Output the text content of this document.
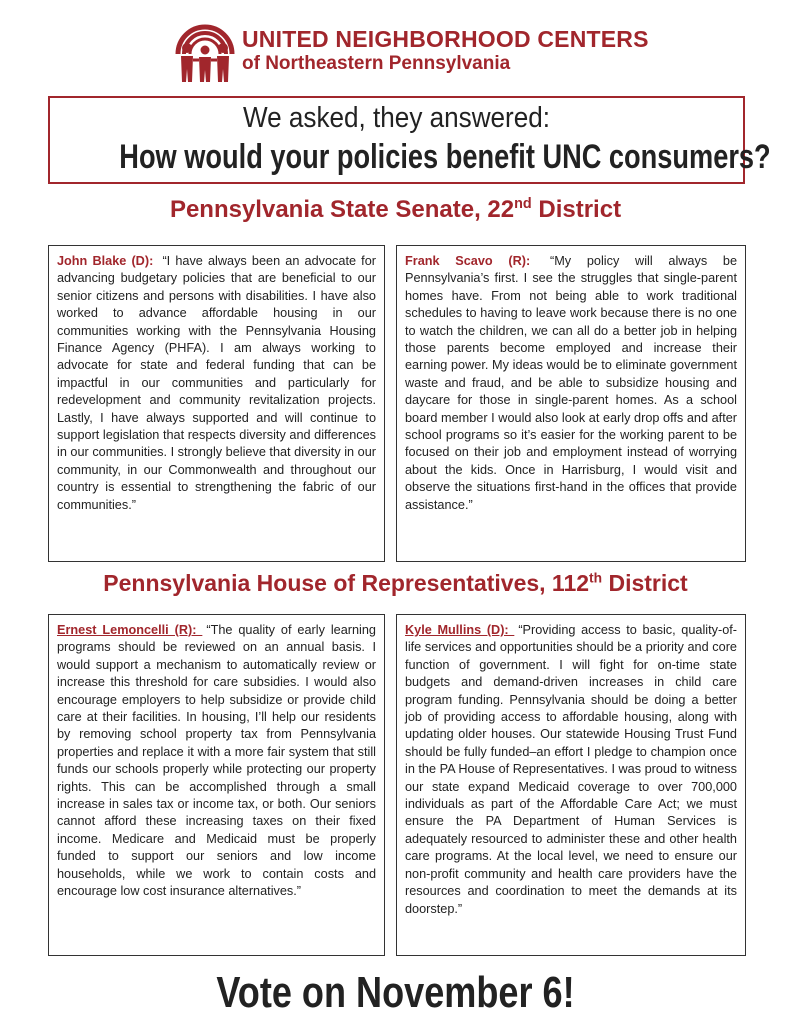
UNITED NEIGHBORHOOD CENTERS
of Northeastern Pennsylvania
We asked, they answered:
How would your policies benefit UNC consumers?
Pennsylvania State Senate, 22nd District

John Blake (D): “I have always been an advocate for advancing budgetary policies that are beneficial to our senior citizens and persons with disabilities. I have also worked to advance affordable housing in our communities working with the Pennsylvania Housing Finance Agency (PHFA). I am always working to advocate for state and federal funding that can be impactful in our communities and particularly for redevelopment and community revitalization projects. Lastly, I have always supported and will continue to support legislation that respects diversity and differences in our communities. I strongly believe that diversity in our community, in our Commonwealth and throughout our country is essential to strengthening the fabric of our communities.”

Frank Scavo (R): “My policy will always be Pennsylvania’s first. I see the struggles that single-parent homes have. From not being able to work traditional schedules to having to leave work because there is no one to watch the children, we can all do a better job in helping those parents become employed and increase their earning power. My ideas would be to eliminate government waste and fraud, and be able to subsidize housing and daycare for those in single-parent homes. As a school board member I would also look at early drop offs and after school programs so it’s easier for the working parent to be focused on their job and employment instead of worrying about the kids. Once in Harrisburg, I would visit and observe the situations first-hand in the offices that provide assistance.”

Pennsylvania House of Representatives, 112th District

Ernest Lemoncelli (R): “The quality of early learning programs should be reviewed on an annual basis. I would support a mechanism to automatically review or increase this threshold for care subsidies. I would also encourage employers to help subsidize or provide child care at their facilities. In housing, I’ll help our residents by removing school property tax from Pennsylvania properties and replace it with a more fair system that still funds our schools properly while protecting our property rights. This can be accomplished through a small increase in sales tax or income tax, or both. Our seniors cannot afford these increasing taxes on their fixed income. Medicare and Medicaid must be properly funded to support our seniors and low income households, while we work to contain costs and encourage low cost insurance alternatives.”

Kyle Mullins (D): “Providing access to basic, quality-of-life services and opportunities should be a priority and core function of government. I will fight for on-time state budgets and demand-driven increases in child care program funding. Pennsylvania should be doing a better job of providing access to affordable housing, along with updating older houses. Our statewide Housing Trust Fund should be fully funded–an effort I pledge to champion once in the PA House of Representatives. I was proud to witness our state expand Medicaid coverage to over 700,000 individuals as part of the Affordable Care Act; we must ensure the PA Department of Human Services is adequately resourced to administer these and other health care programs. At the local level, we need to ensure our non-profit community and health care providers have the resources and coordination to meet the demands at its doorstep.”

Vote on November 6!
